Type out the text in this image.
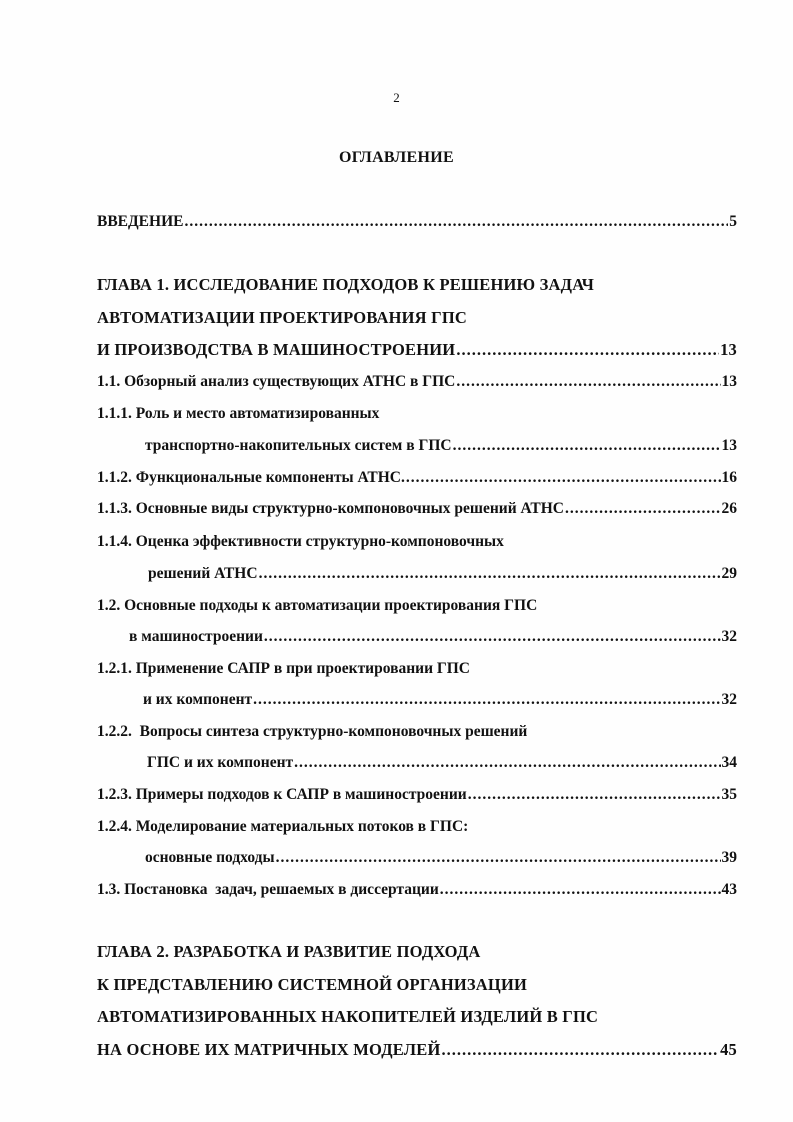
2
ОГЛАВЛЕНИЕ
ВВЕДЕНИЕ .....	5
ГЛАВА 1. ИССЛЕДОВАНИЕ ПОДХОДОВ К РЕШЕНИЮ ЗАДАЧ
АВТОМАТИЗАЦИИ ПРОЕКТИРОВАНИЯ ГПС
И ПРОИЗВОДСТВА В МАШИНОСТРОЕНИИ .....	13
1.1. Обзорный анализ существующих АТНС в ГПС .....	13
1.1.1. Роль и место автоматизированных
транспортно-накопительных систем в ГПС .....	13
1.1.2. Функциональные компоненты АТНС. .....	16
1.1.3. Основные виды структурно-компоновочных решений АТНС .....	26
1.1.4. Оценка эффективности структурно-компоновочных
решений АТНС .....	29
1.2. Основные подходы к автоматизации проектирования ГПС
в машиностроении .....	32
1.2.1. Применение САПР в при проектировании ГПС
и их компонент .....	32
1.2.2.  Вопросы синтеза структурно-компоновочных решений
ГПС и их компонент .....	34
1.2.3. Примеры подходов к САПР в машиностроении .....	35
1.2.4. Моделирование материальных потоков в ГПС:
основные подходы .....	39
1.3. Постановка  задач, решаемых в диссертации .....	43
ГЛАВА 2. РАЗРАБОТКА И РАЗВИТИЕ ПОДХОДА
К ПРЕДСТАВЛЕНИЮ СИСТЕМНОЙ ОРГАНИЗАЦИИ
АВТОМАТИЗИРОВАННЫХ НАКОПИТЕЛЕЙ ИЗДЕЛИЙ В ГПС
НА ОСНОВЕ ИХ МАТРИЧНЫХ МОДЕЛЕЙ .....	45
